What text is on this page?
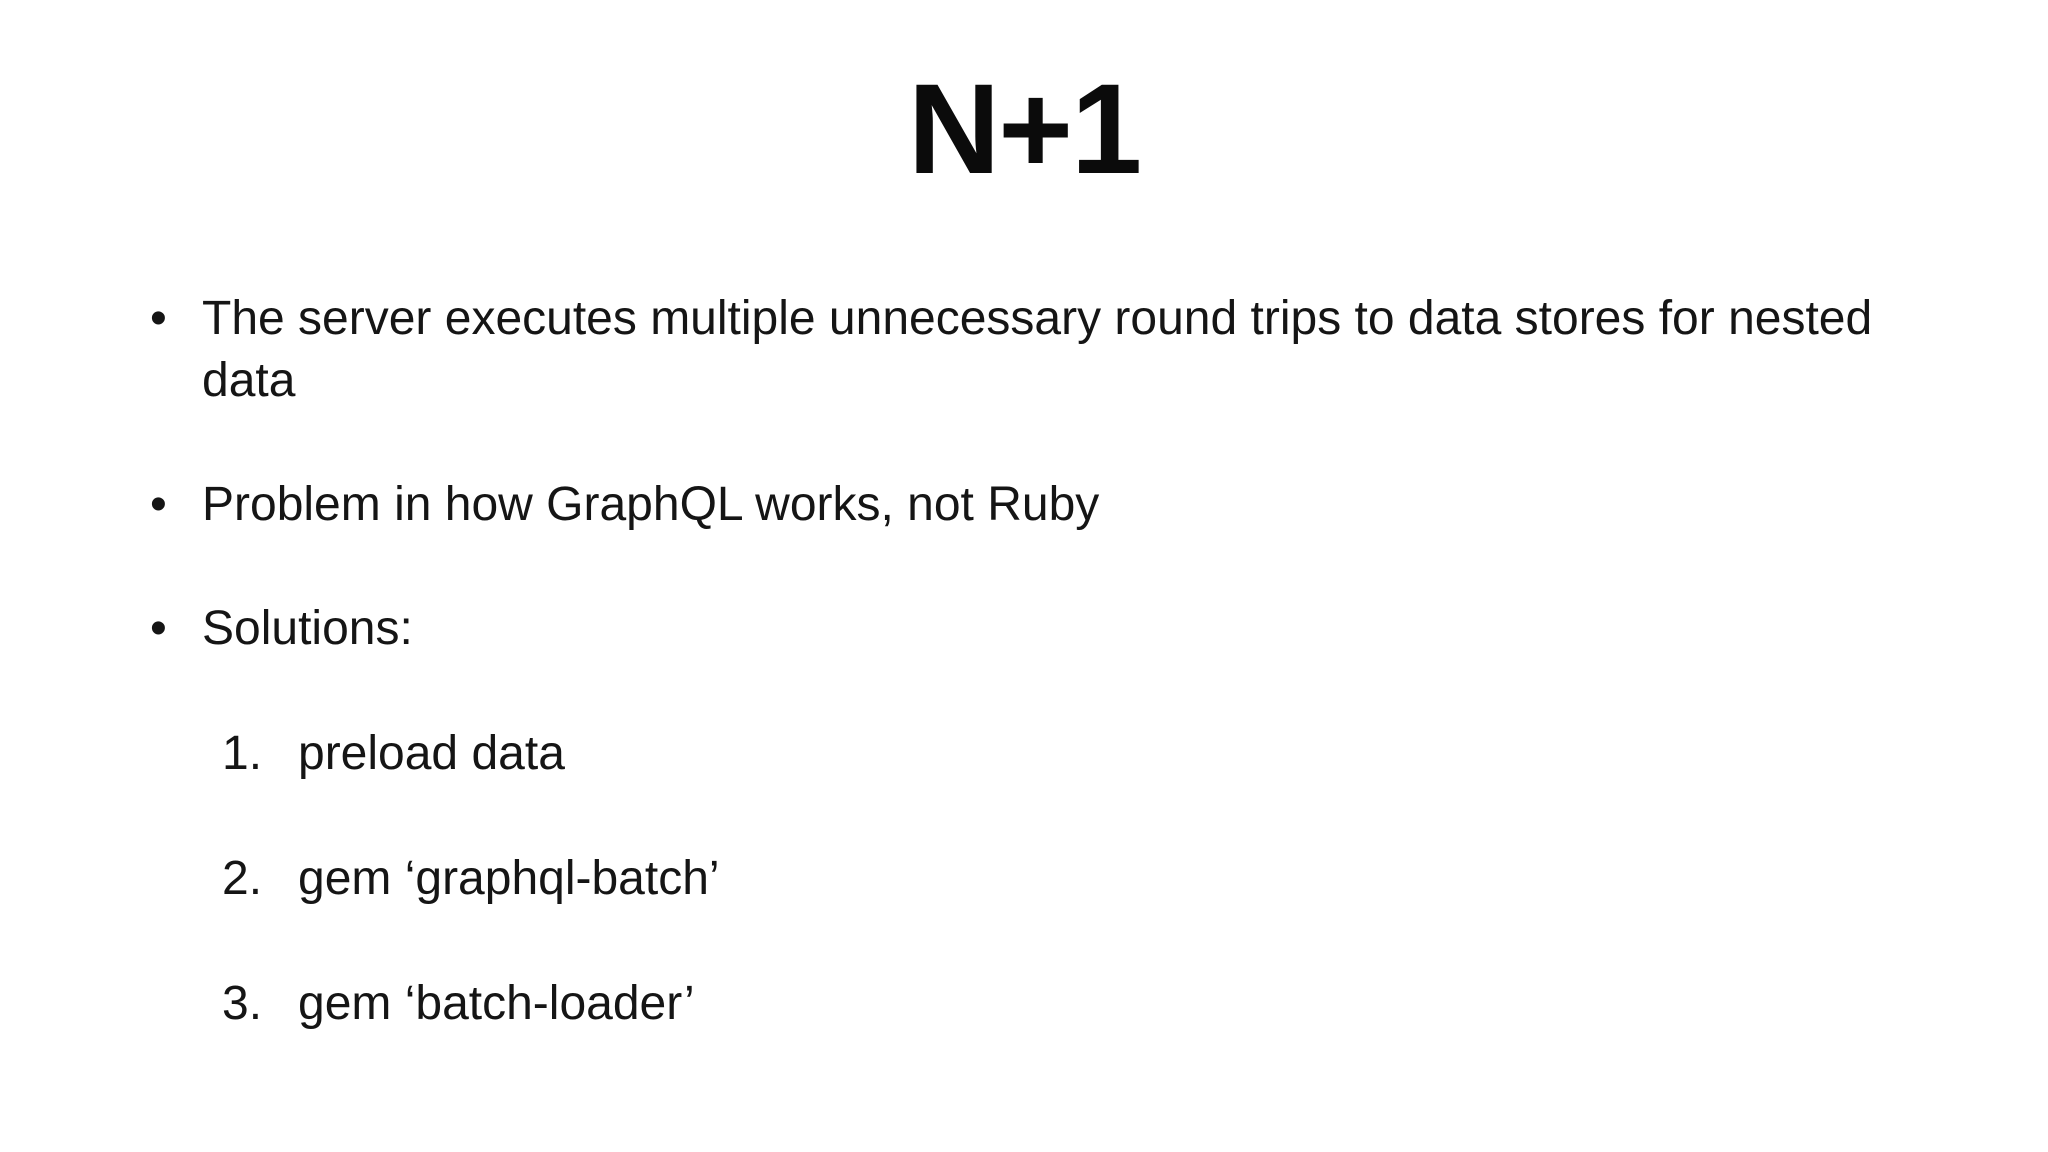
N+1
• The server executes multiple unnecessary round trips to data stores for nested data
• Problem in how GraphQL works, not Ruby
• Solutions:
1. preload data
2. gem ‘graphql-batch’
3. gem ‘batch-loader’
